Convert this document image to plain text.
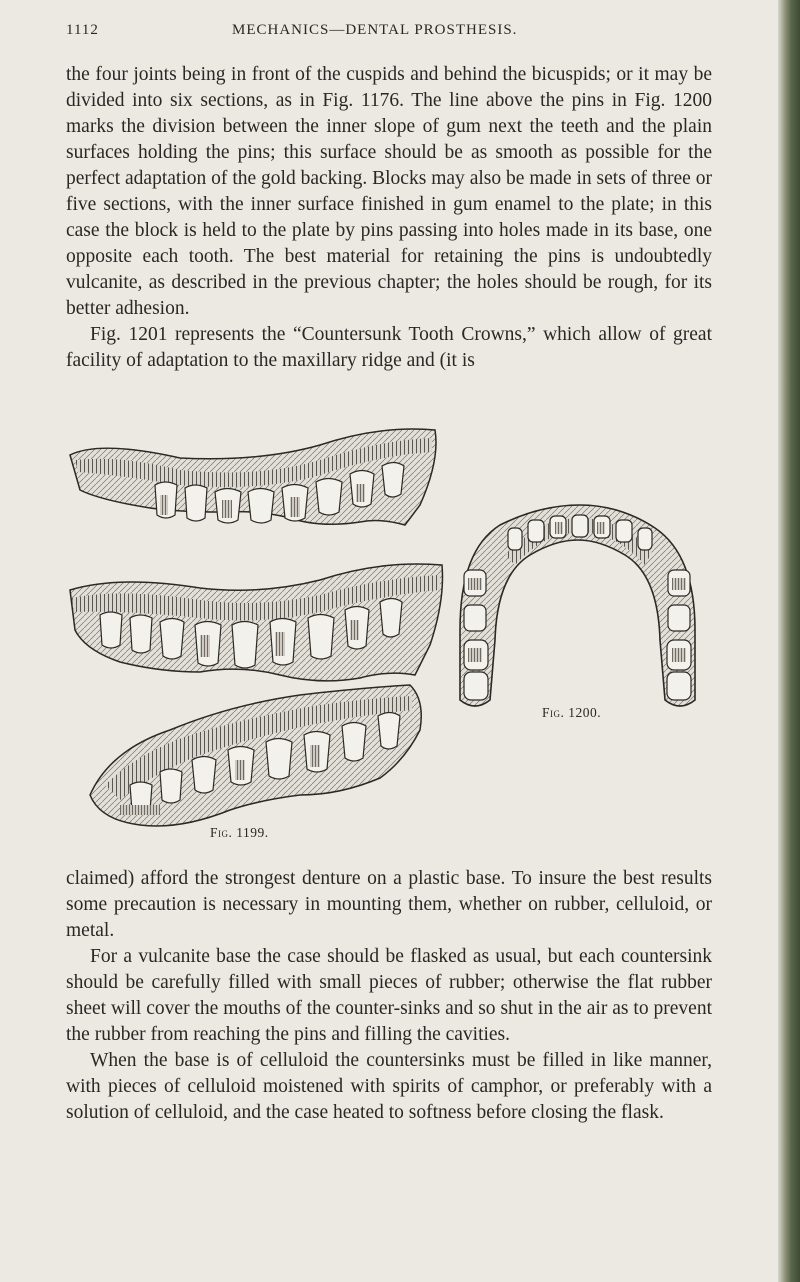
1112	MECHANICS—DENTAL PROSTHESIS.

the four joints being in front of the cuspids and behind the bicuspids; or it may be divided into six sections, as in Fig. 1176. The line above the pins in Fig. 1200 marks the division between the inner slope of gum next the teeth and the plain surfaces holding the pins; this surface should be as smooth as possible for the perfect adaptation of the gold backing. Blocks may also be made in sets of three or five sections, with the inner surface finished in gum enamel to the plate; in this case the block is held to the plate by pins passing into holes made in its base, one opposite each tooth. The best material for retaining the pins is undoubtedly vulcanite, as described in the previous chapter; the holes should be rough, for its better adhesion.

Fig. 1201 represents the “Countersunk Tooth Crowns,” which allow of great facility of adaptation to the maxillary ridge and (it is

Fig. 1199.
Fig. 1200.

claimed) afford the strongest denture on a plastic base. To insure the best results some precaution is necessary in mounting them, whether on rubber, celluloid, or metal.

For a vulcanite base the case should be flasked as usual, but each countersink should be carefully filled with small pieces of rubber; otherwise the flat rubber sheet will cover the mouths of the counter-sinks and so shut in the air as to prevent the rubber from reaching the pins and filling the cavities.

When the base is of celluloid the countersinks must be filled in like manner, with pieces of celluloid moistened with spirits of camphor, or preferably with a solution of celluloid, and the case heated to softness before closing the flask.
